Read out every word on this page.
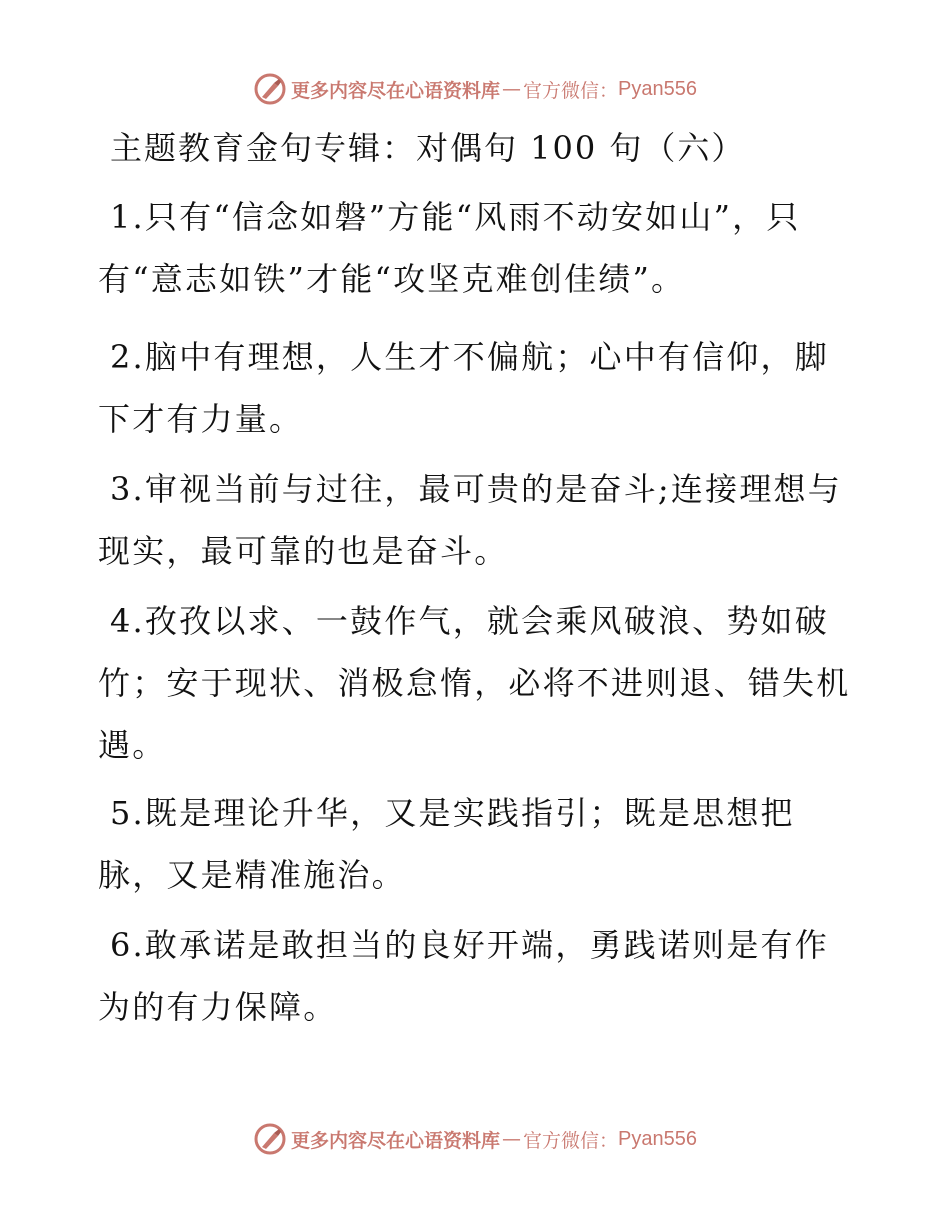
更多内容尽在心语资料库 — 官方微信： Pyan556
主题教育金句专辑：对偶句 100 句（六）
1.只有“信念如磐”方能“风雨不动安如山”，只有“意志如铁”才能“攻坚克难创佳绩”。
2.脑中有理想，人生才不偏航；心中有信仰，脚下才有力量。
3.审视当前与过往，最可贵的是奋斗;连接理想与现实，最可靠的也是奋斗。
4.孜孜以求、一鼓作气，就会乘风破浪、势如破竹；安于现状、消极怠惰，必将不进则退、错失机遇。
5.既是理论升华，又是实践指引；既是思想把脉，又是精准施治。
6.敢承诺是敢担当的良好开端，勇践诺则是有作为的有力保障。
更多内容尽在心语资料库 — 官方微信： Pyan556
